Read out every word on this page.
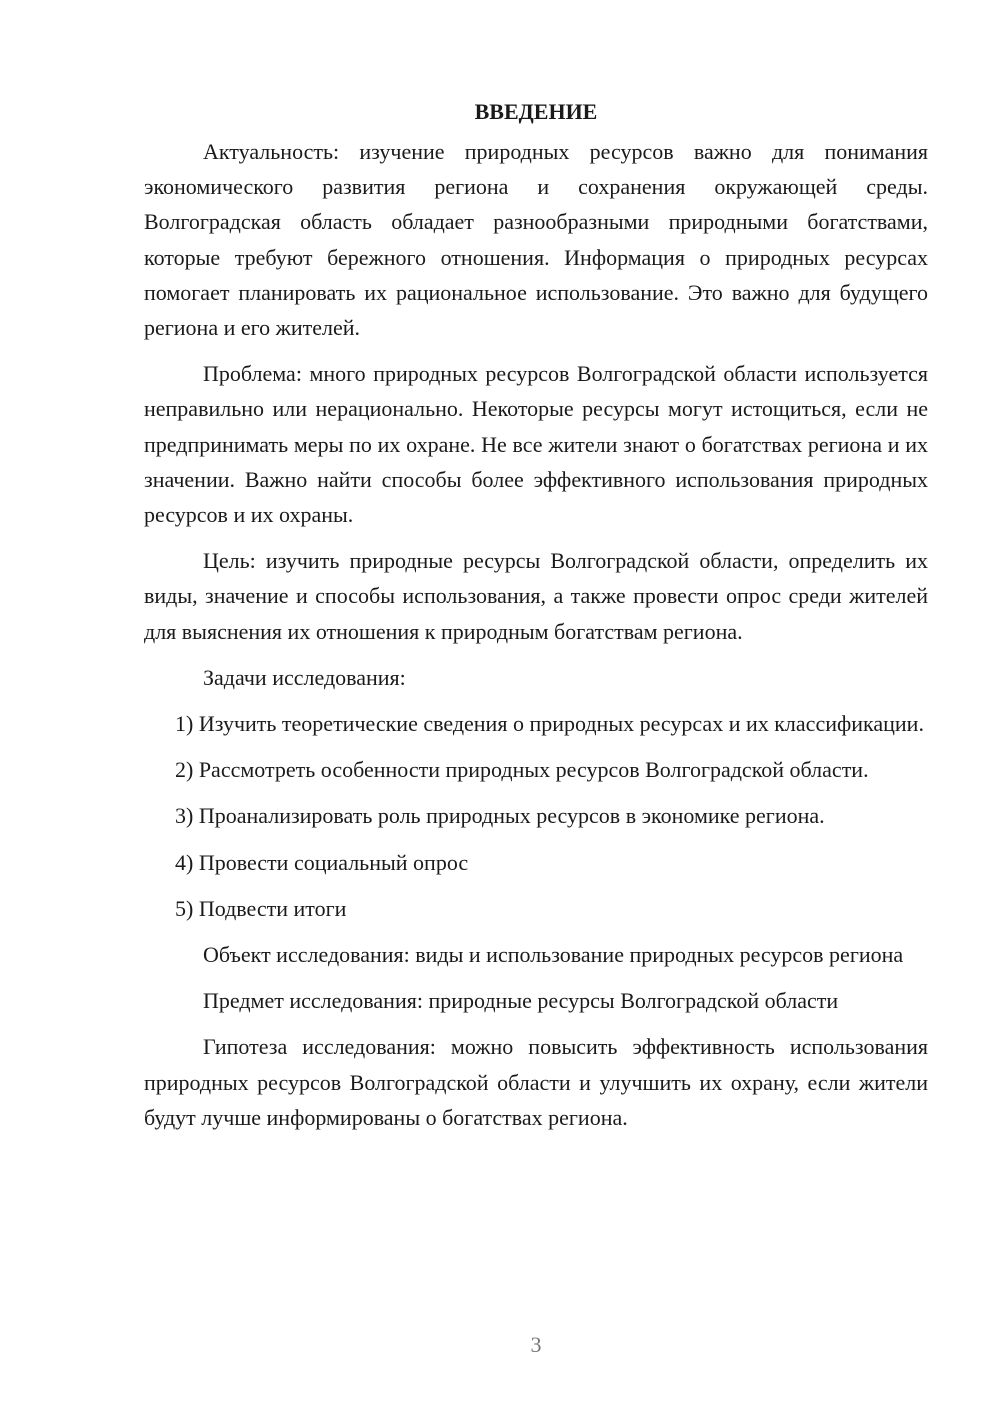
ВВЕДЕНИЕ

Актуальность: изучение природных ресурсов важно для понимания экономического развития региона и сохранения окружающей среды. Волгоградская область обладает разнообразными природными богатствами, которые требуют бережного отношения. Информация о природных ресурсах помогает планировать их рациональное использование. Это важно для будущего региона и его жителей.

Проблема: много природных ресурсов Волгоградской области используется неправильно или нерационально. Некоторые ресурсы могут истощиться, если не предпринимать меры по их охране. Не все жители знают о богатствах региона и их значении. Важно найти способы более эффективного использования природных ресурсов и их охраны.

Цель: изучить природные ресурсы Волгоградской области, определить их виды, значение и способы использования, а также провести опрос среди жителей для выяснения их отношения к природным богатствам региона.

Задачи исследования:

1) Изучить теоретические сведения о природных ресурсах и их классификации.

2) Рассмотреть особенности природных ресурсов Волгоградской области.

3) Проанализировать роль природных ресурсов в экономике региона.

4) Провести социальный опрос

5) Подвести итоги

Объект исследования: виды и использование природных ресурсов региона

Предмет исследования: природные ресурсы Волгоградской области

Гипотеза исследования: можно повысить эффективность использования природных ресурсов Волгоградской области и улучшить их охрану, если жители будут лучше информированы о богатствах региона.

3
